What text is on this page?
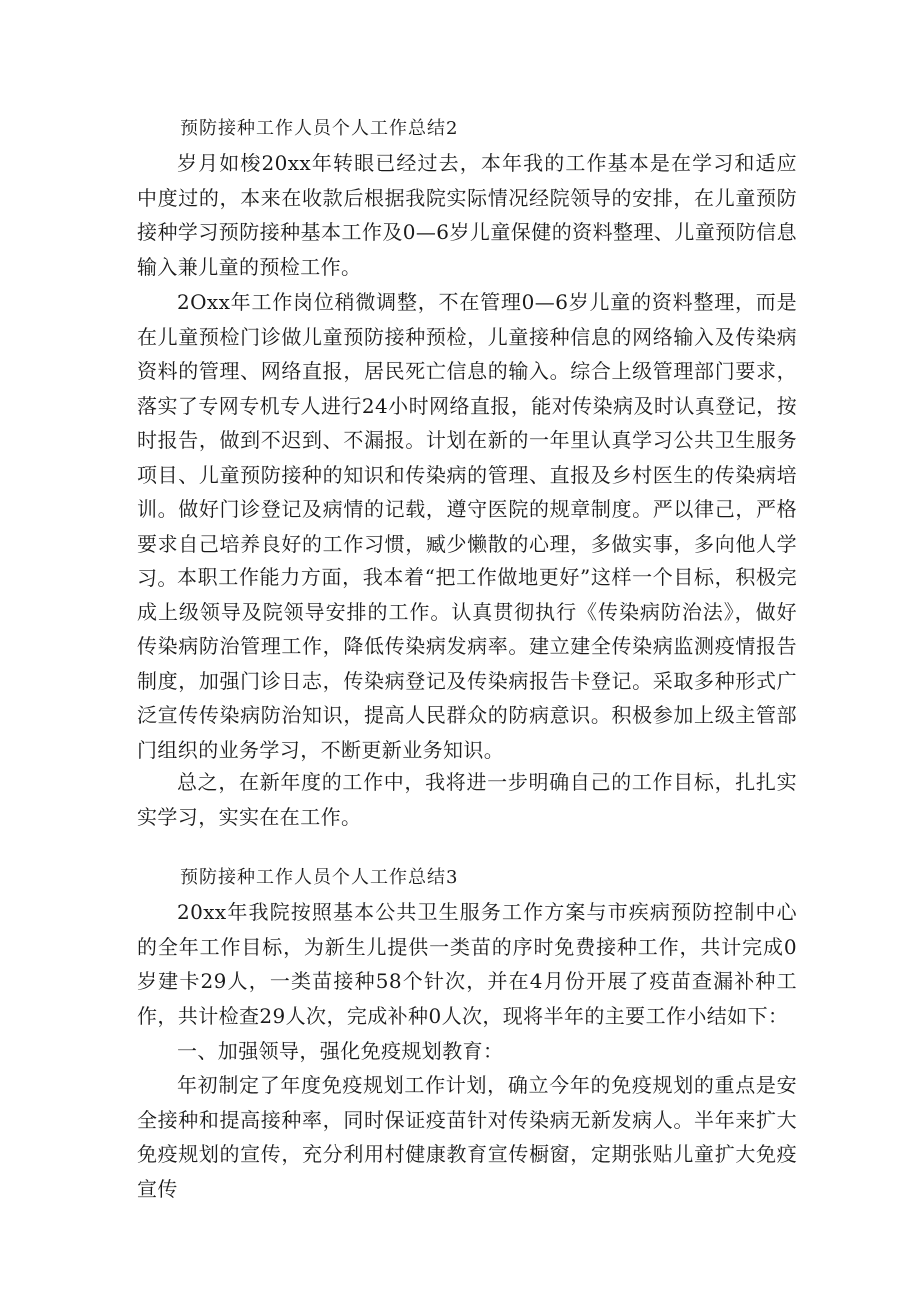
预防接种工作人员个人工作总结2

岁月如梭20xx年转眼已经过去，本年我的工作基本是在学习和适应中度过的，本来在收款后根据我院实际情况经院领导的安排，在儿童预防接种学习预防接种基本工作及0—6岁儿童保健的资料整理、儿童预防信息输入兼儿童的预检工作。

2Oxx年工作岗位稍微调整，不在管理0—6岁儿童的资料整理，而是在儿童预检门诊做儿童预防接种预检，儿童接种信息的网络输入及传染病资料的管理、网络直报，居民死亡信息的输入。综合上级管理部门要求，落实了专网专机专人进行24小时网络直报，能对传染病及时认真登记，按时报告，做到不迟到、不漏报。计划在新的一年里认真学习公共卫生服务项目、儿童预防接种的知识和传染病的管理、直报及乡村医生的传染病培训。做好门诊登记及病情的记载，遵守医院的规章制度。严以律己，严格要求自己培养良好的工作习惯，臧少懒散的心理，多做实事，多向他人学习。 本职工作能力方面，我本着“把工作做地更好”这样一个目标，积极完成上级领导及院领导安排的工作。认真贯彻执行《传染病防治法》，做好传染病防治管理工作，降低传染病发病率。建立建全传染病监测疫情报告制度，加强门诊日志，传染病登记及传染病报告卡登记。采取多种形式广泛宣传传染病防治知识，提高人民群众的防病意识。积极参加上级主管部门组织的业务学习，不断更新业务知识。

总之，在新年度的工作中，我将进一步明确自己的工作目标，扎扎实实学习，实实在在工作。

预防接种工作人员个人工作总结3

20xx年我院按照基本公共卫生服务工作方案与市疾病预防控制中心的全年工作目标，为新生儿提供一类苗的序时免费接种工作，共计完成0岁建卡29人，一类苗接种58个针次，并在4月份开展了疫苗查漏补种工作，共计检查29人次，完成补种0人次，现将半年的主要工作小结如下：

一、加强领导，强化免疫规划教育：

年初制定了年度免疫规划工作计划，确立今年的免疫规划的重点是安全接种和提高接种率，同时保证疫苗针对传染病无新发病人。半年来扩大免疫规划的宣传，充分利用村健康教育宣传橱窗，定期张贴儿童扩大免疫宣传
